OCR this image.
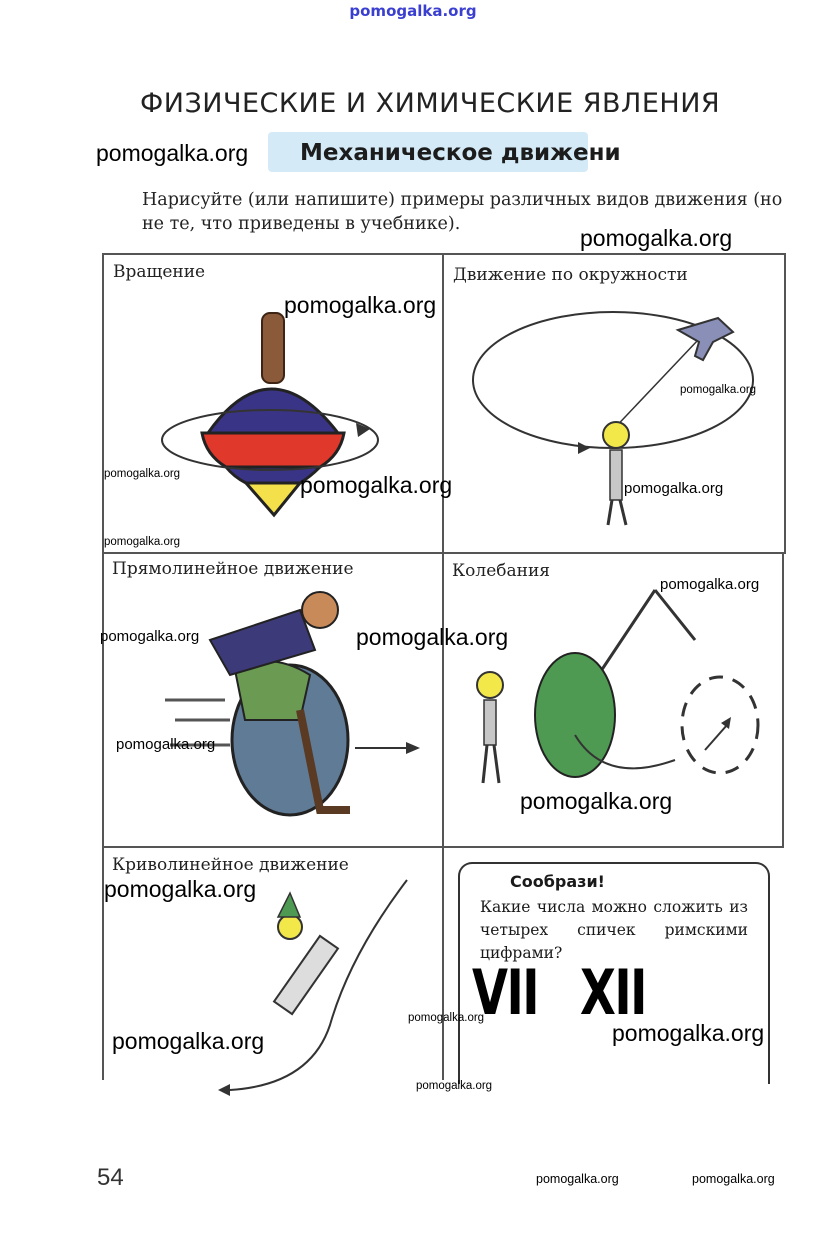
pomogalka.org
ФИЗИЧЕСКИЕ И ХИМИЧЕСКИЕ ЯВЛЕНИЯ
Механическое движени
Нарисуйте (или напишите) примеры различных видов движения (но не те, что приведены в учебнике).
Вращение	Движение по окружности
Прямолинейное движение	Колебания
Криволинейное движение
Сообрази!
Какие числа можно сложить из четырех спичек римскими цифрами?
VII XII
54
pomogalka.org
pomogalka.org
pomogalka.org
pomogalka.org
pomogalka.org	pomogalka.org	pomogalka.org
pomogalka.org
pomogalka.org
pomogalka.org	pomogalka.org
pomogalka.org
pomogalka.org
pomogalka.org
pomogalka.org
pomogalka.org
pomogalka.org
pomogalka.org
pomogalka.org	pomogalka.org
